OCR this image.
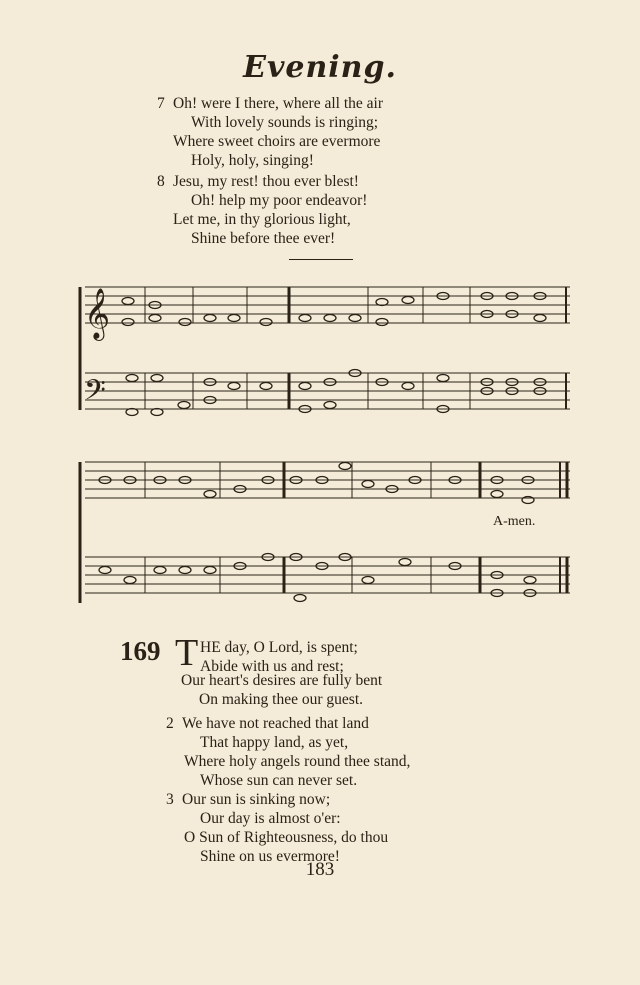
Evening.
7 Oh! were I there, where all the air
With lovely sounds is ringing;
Where sweet choirs are evermore
Holy, holy, singing!
8 Jesu, my rest! thou ever blest!
Oh! help my poor endeavor!
Let me, in thy glorious light,
Shine before thee ever!
𝄞
𝄢
A-men.
169 T HE day, O Lord, is spent;
Abide with us and rest;
Our heart's desires are fully bent
On making thee our guest.
2 We have not reached that land
That happy land, as yet,
Where holy angels round thee stand,
Whose sun can never set.
3 Our sun is sinking now;
Our day is almost o'er:
O Sun of Righteousness, do thou
Shine on us evermore!
183
